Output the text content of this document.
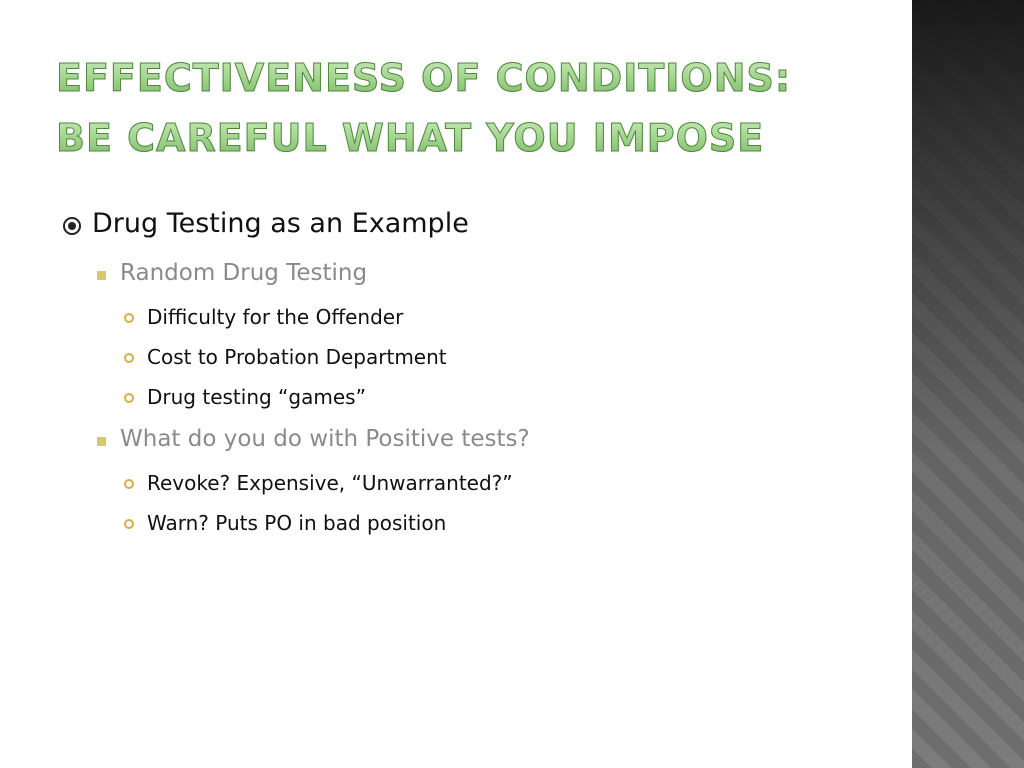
EFFECTIVENESS OF CONDITIONS:
BE CAREFUL WHAT YOU IMPOSE
Drug Testing as an Example
Random Drug Testing
Difficulty for the Offender
Cost to Probation Department
Drug testing “games”
What do you do with Positive tests?
Revoke? Expensive, “Unwarranted?”
Warn? Puts PO in bad position
